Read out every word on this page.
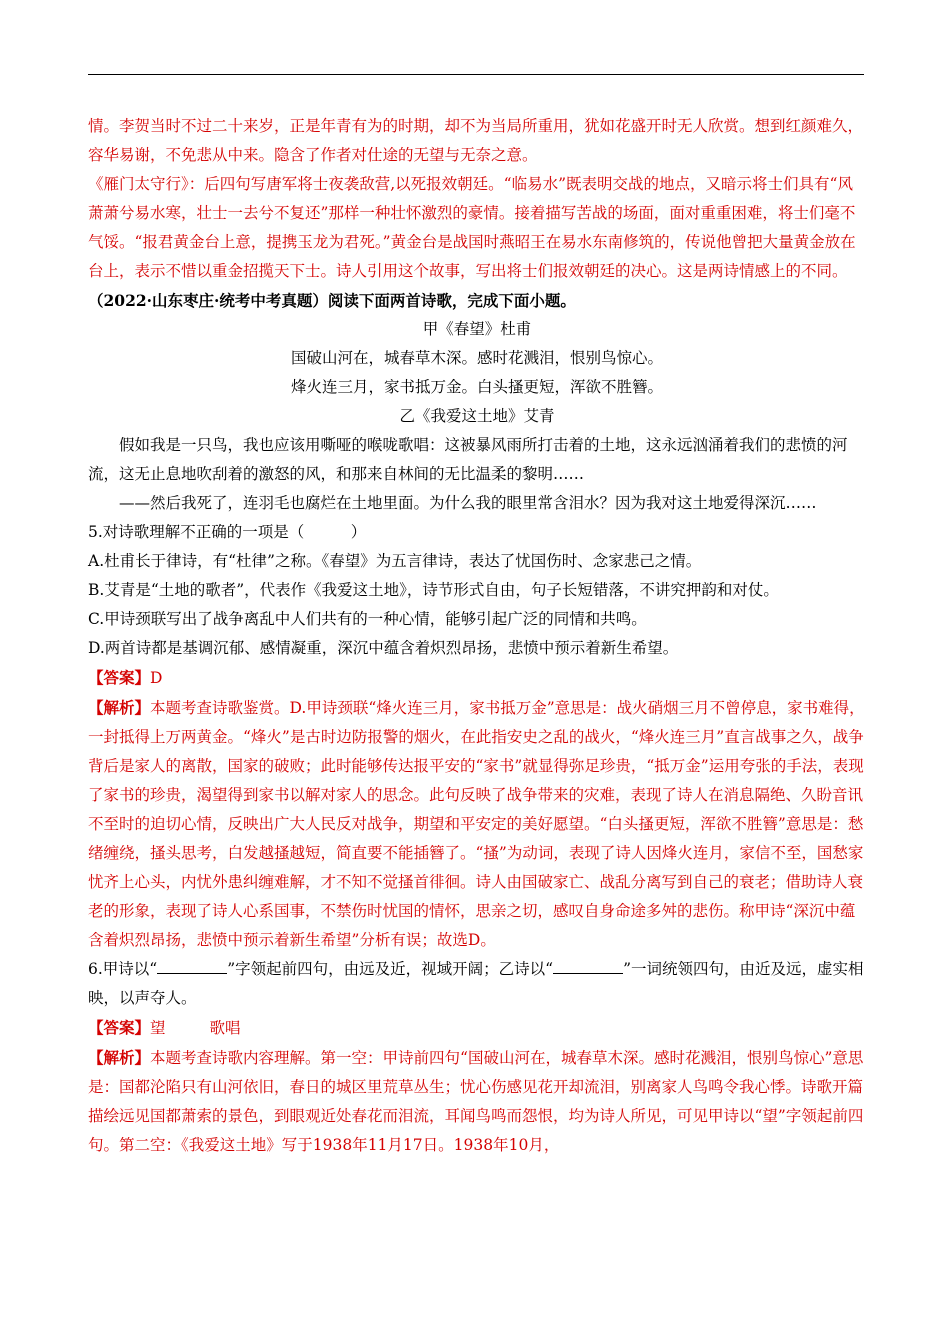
情。李贺当时不过二十来岁，正是年青有为的时期，却不为当局所重用，犹如花盛开时无人欣赏。想到红颜难久，容华易谢，不免悲从中来。隐含了作者对仕途的无望与无奈之意。

《雁门太守行》：后四句写唐军将士夜袭敌营,以死报效朝廷。“临易水”既表明交战的地点，又暗示将士们具有“风萧萧兮易水寒，壮士一去兮不复还”那样一种壮怀激烈的豪情。接着描写苦战的场面，面对重重困难，将士们毫不气馁。“报君黄金台上意，提携玉龙为君死。”黄金台是战国时燕昭王在易水东南修筑的，传说他曾把大量黄金放在台上，表示不惜以重金招揽天下士。诗人引用这个故事，写出将士们报效朝廷的决心。这是两诗情感上的不同。

（2022·山东枣庄·统考中考真题）阅读下面两首诗歌，完成下面小题。

甲《春望》杜甫

国破山河在，城春草木深。感时花溅泪，恨别鸟惊心。

烽火连三月，家书抵万金。白头搔更短，浑欲不胜簪。

乙《我爱这土地》艾青

假如我是一只鸟，我也应该用嘶哑的喉咙歌唱：这被暴风雨所打击着的土地，这永远汹涌着我们的悲愤的河流，这无止息地吹刮着的激怒的风，和那来自林间的无比温柔的黎明……

——然后我死了，连羽毛也腐烂在土地里面。为什么我的眼里常含泪水？因为我对这土地爱得深沉……

5.对诗歌理解不正确的一项是（　　　）

A.杜甫长于律诗，有“杜律”之称。《春望》为五言律诗，表达了忧国伤时、念家悲己之情。

B.艾青是“土地的歌者”，代表作《我爱这土地》，诗节形式自由，句子长短错落，不讲究押韵和对仗。

C.甲诗颈联写出了战争离乱中人们共有的一种心情，能够引起广泛的同情和共鸣。

D.两首诗都是基调沉郁、感情凝重，深沉中蕴含着炽烈昂扬，悲愤中预示着新生希望。

【答案】D

【解析】本题考查诗歌鉴赏。D.甲诗颈联“烽火连三月，家书抵万金”意思是：战火硝烟三月不曾停息，家书难得，一封抵得上万两黄金。“烽火”是古时边防报警的烟火，在此指安史之乱的战火，“烽火连三月”直言战事之久，战争背后是家人的离散，国家的破败；此时能够传达报平安的“家书”就显得弥足珍贵，“抵万金”运用夸张的手法，表现了家书的珍贵，渴望得到家书以解对家人的思念。此句反映了战争带来的灾难，表现了诗人在消息隔绝、久盼音讯不至时的迫切心情，反映出广大人民反对战争，期望和平安定的美好愿望。“白头搔更短，浑欲不胜簪”意思是：愁绪缠绕，搔头思考，白发越搔越短，简直要不能插簪了。“搔”为动词，表现了诗人因烽火连月，家信不至，国愁家忧齐上心头，内忧外患纠缠难解，才不知不觉搔首徘徊。诗人由国破家亡、战乱分离写到自己的衰老；借助诗人衰老的形象，表现了诗人心系国事，不禁伤时忧国的情怀，思亲之切，感叹自身命途多舛的悲伤。称甲诗“深沉中蕴含着炽烈昂扬，悲愤中预示着新生希望”分析有误；故选D。

6.甲诗以“	”字领起前四句，由远及近，视域开阔；乙诗以“	”一词统领四句，由近及远，虚实相映，以声夺人。

【答案】望	歌唱

【解析】本题考查诗歌内容理解。第一空：甲诗前四句“国破山河在，城春草木深。感时花溅泪，恨别鸟惊心”意思是：国都沦陷只有山河依旧，春日的城区里荒草丛生；忧心伤感见花开却流泪，别离家人鸟鸣令我心悸。诗歌开篇描绘远见国都萧索的景色，到眼观近处春花而泪流，耳闻鸟鸣而怨恨，均为诗人所见，可见甲诗以“望”字领起前四句。第二空：《我爱这土地》写于1938年11月17日。1938年10月，
